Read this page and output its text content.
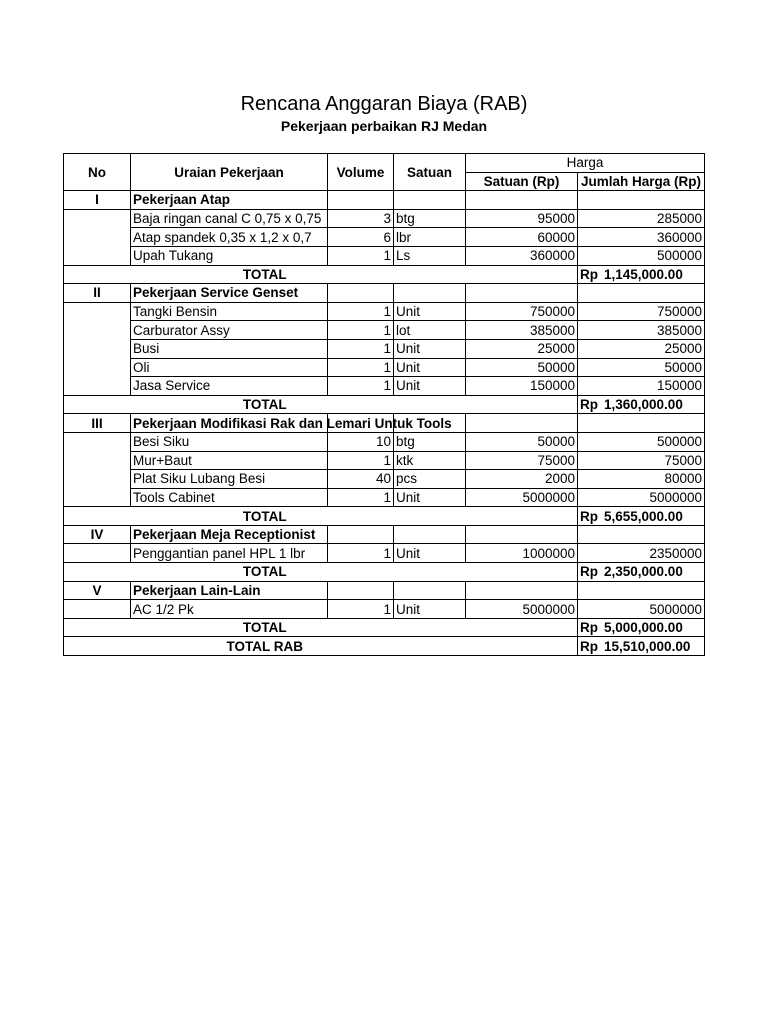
Rencana Anggaran Biaya (RAB)
Pekerjaan perbaikan RJ Medan
No	Uraian Pekerjaan	Volume	Satuan	Harga	
				Satuan (Rp)	Jumlah Harga (Rp)
I	Pekerjaan Atap				
	Baja ringan canal C 0,75 x 0,75	3	btg	95000	285000
	Atap spandek 0,35 x 1,2 x 0,7	6	lbr	60000	360000
	Upah Tukang	1	Ls	360000	500000
TOTAL					Rp 1,145,000.00
II	Pekerjaan Service Genset				
	Tangki Bensin	1	Unit	750000	750000
	Carburator Assy	1	lot	385000	385000
	Busi	1	Unit	25000	25000
	Oli	1	Unit	50000	50000
	Jasa Service	1	Unit	150000	150000
TOTAL					Rp 1,360,000.00
III	Pekerjaan Modifikasi Rak dan Lemari Untuk Tools				
	Besi Siku	10	btg	50000	500000
	Mur+Baut	1	ktk	75000	75000
	Plat Siku Lubang Besi	40	pcs	2000	80000
	Tools Cabinet	1	Unit	5000000	5000000
TOTAL					Rp 5,655,000.00
IV	Pekerjaan Meja Receptionist				
	Penggantian panel HPL 1 lbr	1	Unit	1000000	2350000
TOTAL					Rp 2,350,000.00
V	Pekerjaan Lain-Lain				
	AC 1/2 Pk	1	Unit	5000000	5000000
TOTAL					Rp 5,000,000.00
TOTAL RAB					Rp 15,510,000.00
